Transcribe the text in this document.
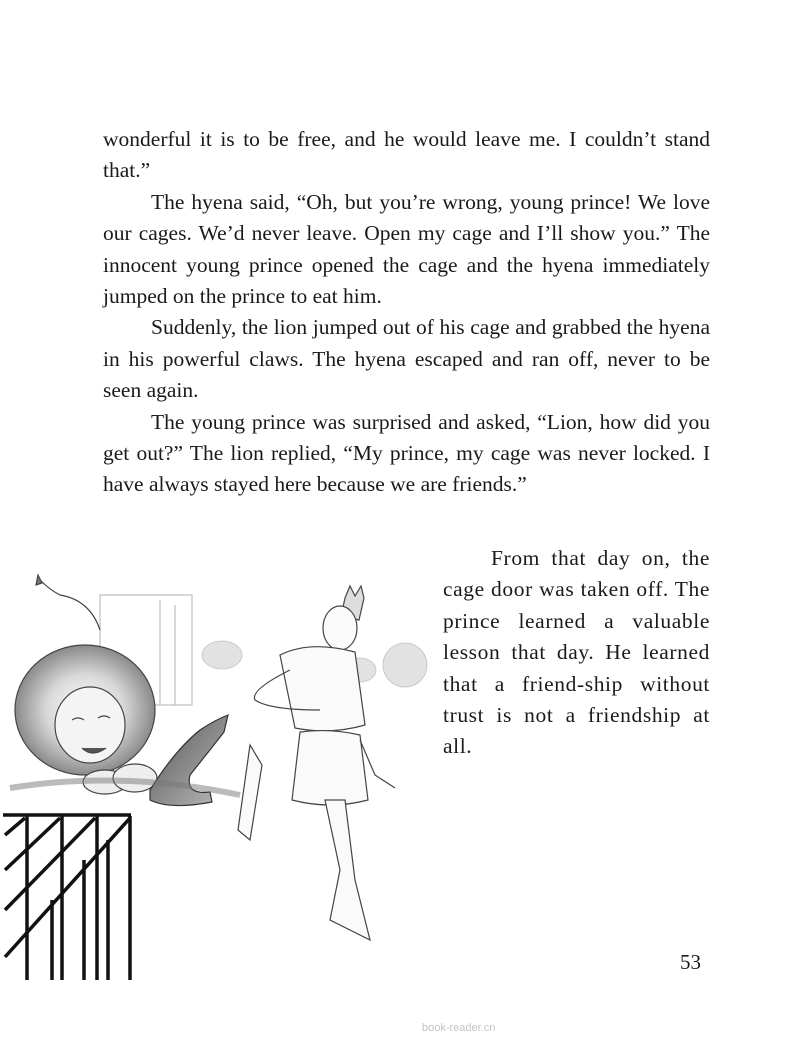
wonderful it is to be free, and he would leave me. I couldn’t stand that.”

The hyena said, “Oh, but you’re wrong, young prince! We love our cages. We’d never leave. Open my cage and I’ll show you.” The innocent young prince opened the cage and the hyena immediately jumped on the prince to eat him.

Suddenly, the lion jumped out of his cage and grabbed the hyena in his powerful claws. The hyena escaped and ran off, never to be seen again.

The young prince was surprised and asked, “Lion, how did you get out?” The lion replied, “My prince, my cage was never locked. I have always stayed here because we are friends.”

From that day on, the cage door was taken off. The prince learned a valuable lesson that day. He learned that a friend-ship without trust is not a friendship at all.

53
book-reader.cn
